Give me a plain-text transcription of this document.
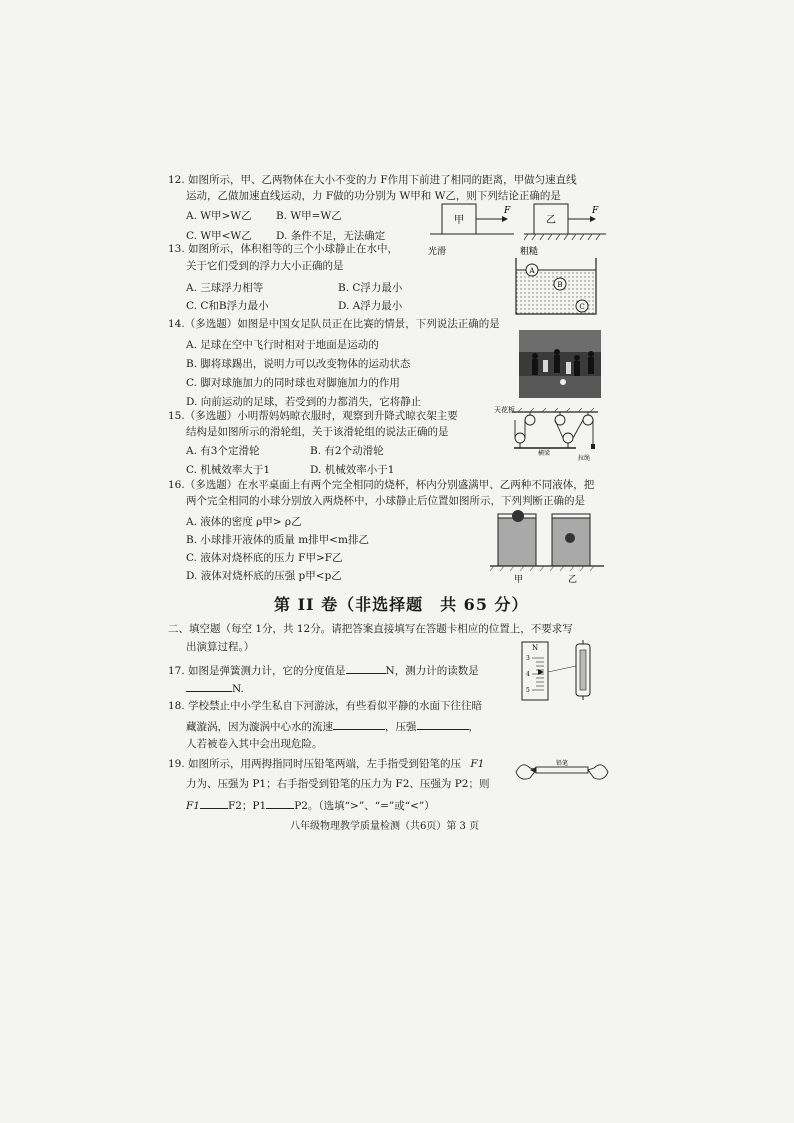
12. 如图所示，甲、乙两物体在大小不变的力 F作用下前进了相同的距离，甲做匀速直线
运动，乙做加速直线运动，力 F做的功分别为 W甲和 W乙，则下列结论正确的是
A. W甲>W乙 B. W甲=W乙
C. W甲<W乙 D. 条件不足，无法确定
甲
F
乙
F
光滑	粗糙
13. 如图所示，体积相等的三个小球静止在水中，
关于它们受到的浮力大小正确的是
A. 三球浮力相等	B. C浮力最小
C. C和B浮力最小	D. A浮力最小
A
B
C
14.（多选题）如图是中国女足队员正在比赛的情景，下列说法正确的是
A. 足球在空中飞行时相对于地面是运动的
B. 脚将球踢出，说明力可以改变物体的运动状态
C. 脚对球施加力的同时球也对脚施加力的作用
D. 向前运动的足球，若受到的力都消失，它将静止
15.（多选题）小明帮妈妈晾衣服时，观察到升降式晾衣架主要
结构是如图所示的滑轮组，关于该滑轮组的说法正确的是
A. 有3个定滑轮	B. 有2个动滑轮
C. 机械效率大于1	D. 机械效率小于1
天花板
横梁
拉绳
16.（多选题）在水平桌面上有两个完全相同的烧杯，杯内分别盛满甲、乙两种不同液体，把
两个完全相同的小球分别放入两烧杯中，小球静止后位置如图所示，下列判断正确的是
A. 液体的密度 ρ甲> ρ乙
B. 小球排开液体的质量 m排甲<m排乙
C. 液体对烧杯底的压力 F甲>F乙
D. 液体对烧杯底的压强 p甲<p乙	甲	乙
第 II 卷（非选择题　共 65 分）
二、填空题（每空 1分，共 12分。请把答案直接填写在答题卡相应的位置上，不要求写
出演算过程。）
17. 如图是弹簧测力计，它的分度值是	N，测力计的读数是
N.
N
3
4
5
18. 学校禁止中小学生私自下河游泳，有些看似平静的水面下往往暗
藏漩涡，因为漩涡中心水的流速	，压强	，
人若被卷入其中会出现危险。
19. 如图所示，用两拇指同时压铅笔两端，左手指受到铅笔的压 F1
力为、压强为 P1；右手指受到铅笔的压力为 F2、压强为 P2；则
F1	F2；P1	P2。（选填“>”、“=”或“<”）
铅笔
八年级物理教学质量检测（共6页）第 3 页
